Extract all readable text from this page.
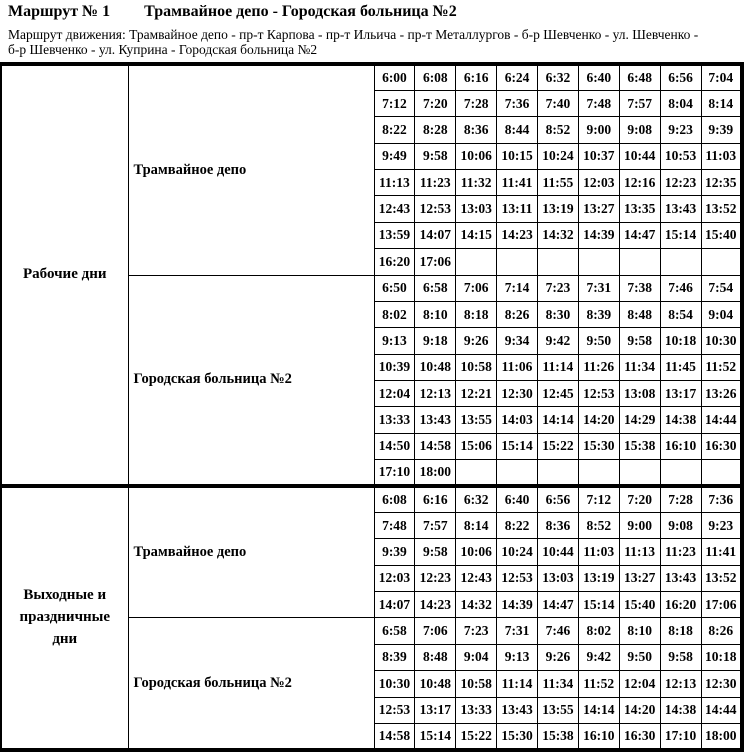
Маршрут № 1 Трамвайное депо - Городская больница №2
Маршрут движения: Трамвайное депо - пр-т Карпова - пр-т Ильича - пр-т Металлургов - б-р Шевченко - ул. Шевченко -
б-р Шевченко - ул. Куприна - Городская больница №2
Рабочие дни	Трамвайное депо	6:00	6:08	6:16	6:24	6:32	6:40	6:48	6:56	7:04
		7:12	7:20	7:28	7:36	7:40	7:48	7:57	8:04	8:14
		8:22	8:28	8:36	8:44	8:52	9:00	9:08	9:23	9:39
		9:49	9:58	10:06	10:15	10:24	10:37	10:44	10:53	11:03
		11:13	11:23	11:32	11:41	11:55	12:03	12:16	12:23	12:35
		12:43	12:53	13:03	13:11	13:19	13:27	13:35	13:43	13:52
		13:59	14:07	14:15	14:23	14:32	14:39	14:47	15:14	15:40
		16:20	17:06							
	Городская больница №2	6:50	6:58	7:06	7:14	7:23	7:31	7:38	7:46	7:54
		8:02	8:10	8:18	8:26	8:30	8:39	8:48	8:54	9:04
		9:13	9:18	9:26	9:34	9:42	9:50	9:58	10:18	10:30
		10:39	10:48	10:58	11:06	11:14	11:26	11:34	11:45	11:52
		12:04	12:13	12:21	12:30	12:45	12:53	13:08	13:17	13:26
		13:33	13:43	13:55	14:03	14:14	14:20	14:29	14:38	14:44
		14:50	14:58	15:06	15:14	15:22	15:30	15:38	16:10	16:30
		17:10	18:00							
Выходные и праздничные дни	Трамвайное депо	6:08	6:16	6:32	6:40	6:56	7:12	7:20	7:28	7:36
		7:48	7:57	8:14	8:22	8:36	8:52	9:00	9:08	9:23
		9:39	9:58	10:06	10:24	10:44	11:03	11:13	11:23	11:41
		12:03	12:23	12:43	12:53	13:03	13:19	13:27	13:43	13:52
		14:07	14:23	14:32	14:39	14:47	15:14	15:40	16:20	17:06
	Городская больница №2	6:58	7:06	7:23	7:31	7:46	8:02	8:10	8:18	8:26
		8:39	8:48	9:04	9:13	9:26	9:42	9:50	9:58	10:18
		10:30	10:48	10:58	11:14	11:34	11:52	12:04	12:13	12:30
		12:53	13:17	13:33	13:43	13:55	14:14	14:20	14:38	14:44
		14:58	15:14	15:22	15:30	15:38	16:10	16:30	17:10	18:00
